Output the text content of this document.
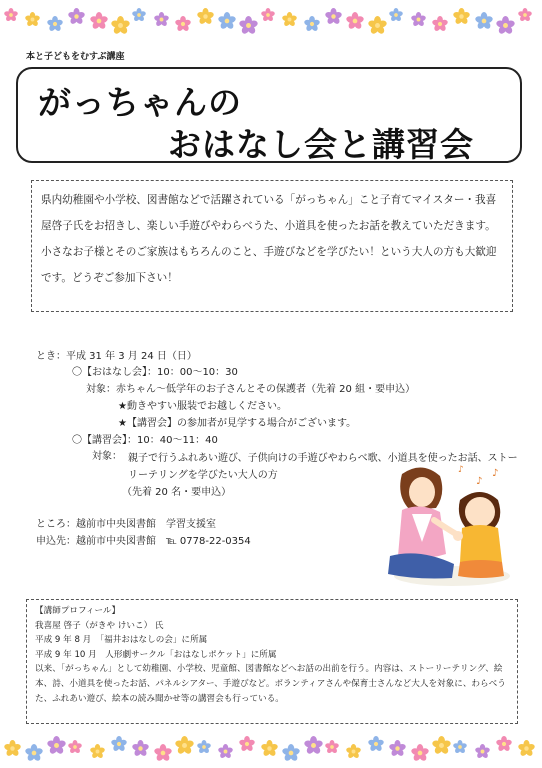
本と子どもをむすぶ講座
がっちゃんの
おはなし会と講習会
県内幼稚園や小学校、図書館などで活躍されている「がっちゃん」こと子育てマイスター・我喜屋啓子氏をお招きし、楽しい手遊びやわらべうた、小道具を使ったお話を教えていただきます。小さなお子様とそのご家族はもちろんのこと、手遊びなどを学びたい！という大人の方も大歓迎です。どうぞご参加下さい！
とき：平成 31 年 3 月 24 日（日）
〇【おはなし会】：10：00～10：30
対象：赤ちゃん～低学年のお子さんとその保護者（先着 20 組・要申込）
★動きやすい服装でお越しください。
★【講習会】の参加者が見学する場合がございます。
〇【講習会】：10：40～11：40
対象： 親子で行うふれあい遊び、子供向けの手遊びやわらべ歌、小道具を使ったお話、ストーリーテリングを学びたい大人の方
（先着 20 名・要申込）
ところ：越前市中央図書館　学習支援室
申込先：越前市中央図書館　℡ 0778-22-0354
♪
♪
♪
【講師プロフィール】
我喜屋 啓子（がきや けいこ） 氏
平成 9 年 8 月　「福井おはなしの会」に所属
平成 9 年 10 月　人形劇サークル「おはなしポケット」に所属
以来、「がっちゃん」として幼稚園、小学校、児童館、図書館などへお話の出前を行う。内容は、ストーリーテリング、絵本、詩、小道具を使ったお話、パネルシアター、手遊びなど。ボランティアさんや保育士さんなど大人を対象に、わらべうた、ふれあい遊び、絵本の読み聞かせ等の講習会も行っている。
